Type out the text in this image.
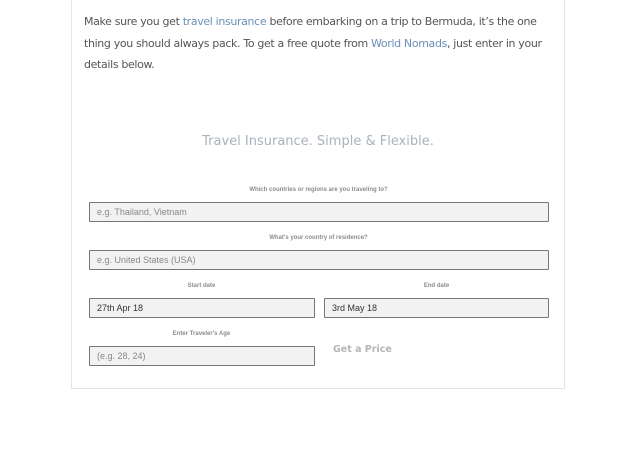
Make sure you get travel insurance before embarking on a trip to Bermuda, it’s the one thing you should always pack. To get a free quote from World Nomads, just enter in your details below.

Travel Insurance. Simple & Flexible.
Which countries or regions are you traveling to?
e.g. Thailand, Vietnam
What's your country of residence?
e.g. United States (USA)
Start date
27th Apr 18	End date
3rd May 18
Enter Traveler's Age
(e.g. 28, 24)
Get a Price
